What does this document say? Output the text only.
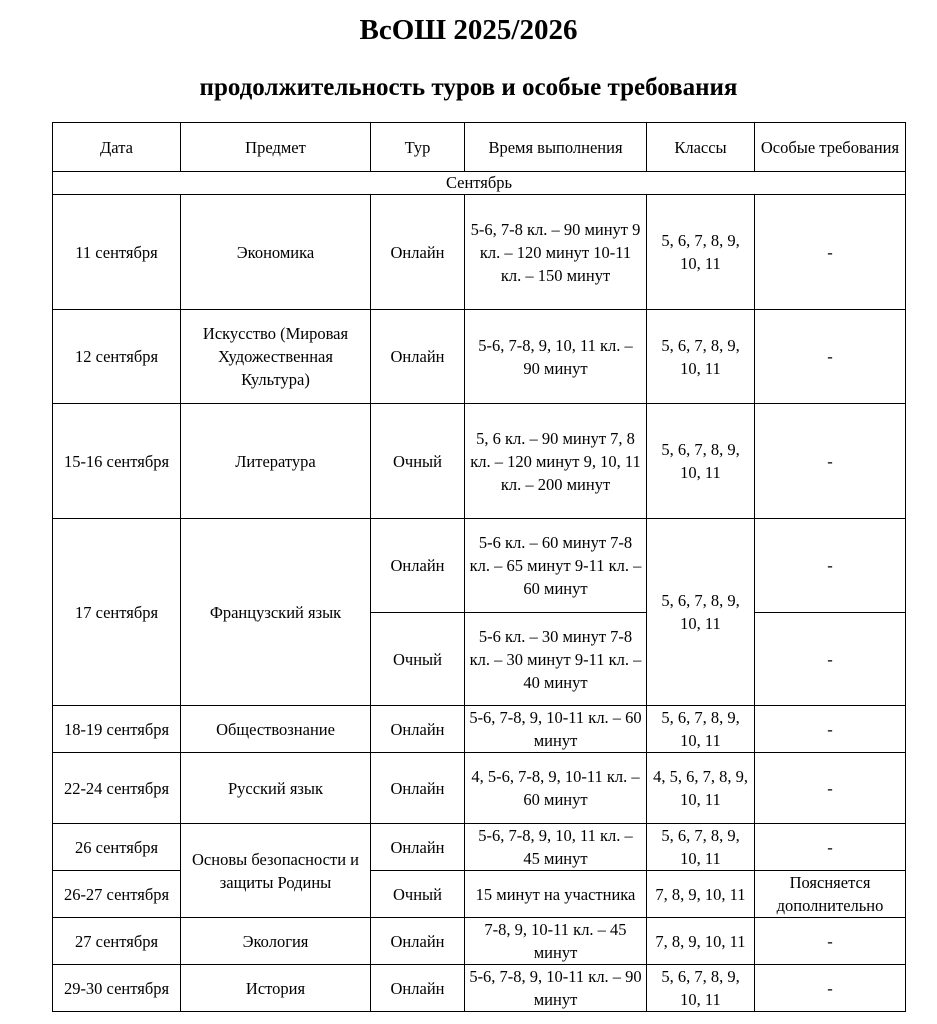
ВсОШ 2025/2026
продолжительность туров и особые требования
Дата	Предмет	Тур	Время выполнения	Классы	Особые требования
Сентябрь					
11 сентября	Экономика	Онлайн	5-6, 7-8 кл. – 90 минут 9 кл. – 120 минут 10-11 кл. – 150 минут	5, 6, 7, 8, 9, 10, 11	-
12 сентября	Искусство (Мировая Художественная Культура)	Онлайн	5-6, 7-8, 9, 10, 11 кл. – 90 минут	5, 6, 7, 8, 9, 10, 11	-
15-16 сентября	Литература	Очный	5, 6 кл. – 90 минут 7, 8 кл. – 120 минут 9, 10, 11 кл. – 200 минут	5, 6, 7, 8, 9, 10, 11	-
17 сентября	Французский язык	Онлайн	5-6 кл. – 60 минут 7-8 кл. – 65 минут 9-11 кл. – 60 минут	5, 6, 7, 8, 9, 10, 11	-
		Очный	5-6 кл. – 30 минут 7-8 кл. – 30 минут 9-11 кл. – 40 минут		-
18-19 сентября	Обществознание	Онлайн	5-6, 7-8, 9, 10-11 кл. – 60 минут	5, 6, 7, 8, 9, 10, 11	-
22-24 сентября	Русский язык	Онлайн	4, 5-6, 7-8, 9, 10-11 кл. – 60 минут	4, 5, 6, 7, 8, 9, 10, 11	-
26 сентября	Основы безопасности и защиты Родины	Онлайн	5-6, 7-8, 9, 10, 11 кл. – 45 минут	5, 6, 7, 8, 9, 10, 11	-
26-27 сентября		Очный	15 минут на участника	7, 8, 9, 10, 11	Поясняется дополнительно
27 сентября	Экология	Онлайн	7-8, 9, 10-11 кл. – 45 минут	7, 8, 9, 10, 11	-
29-30 сентября	История	Онлайн	5-6, 7-8, 9, 10-11 кл. – 90 минут	5, 6, 7, 8, 9, 10, 11	-
